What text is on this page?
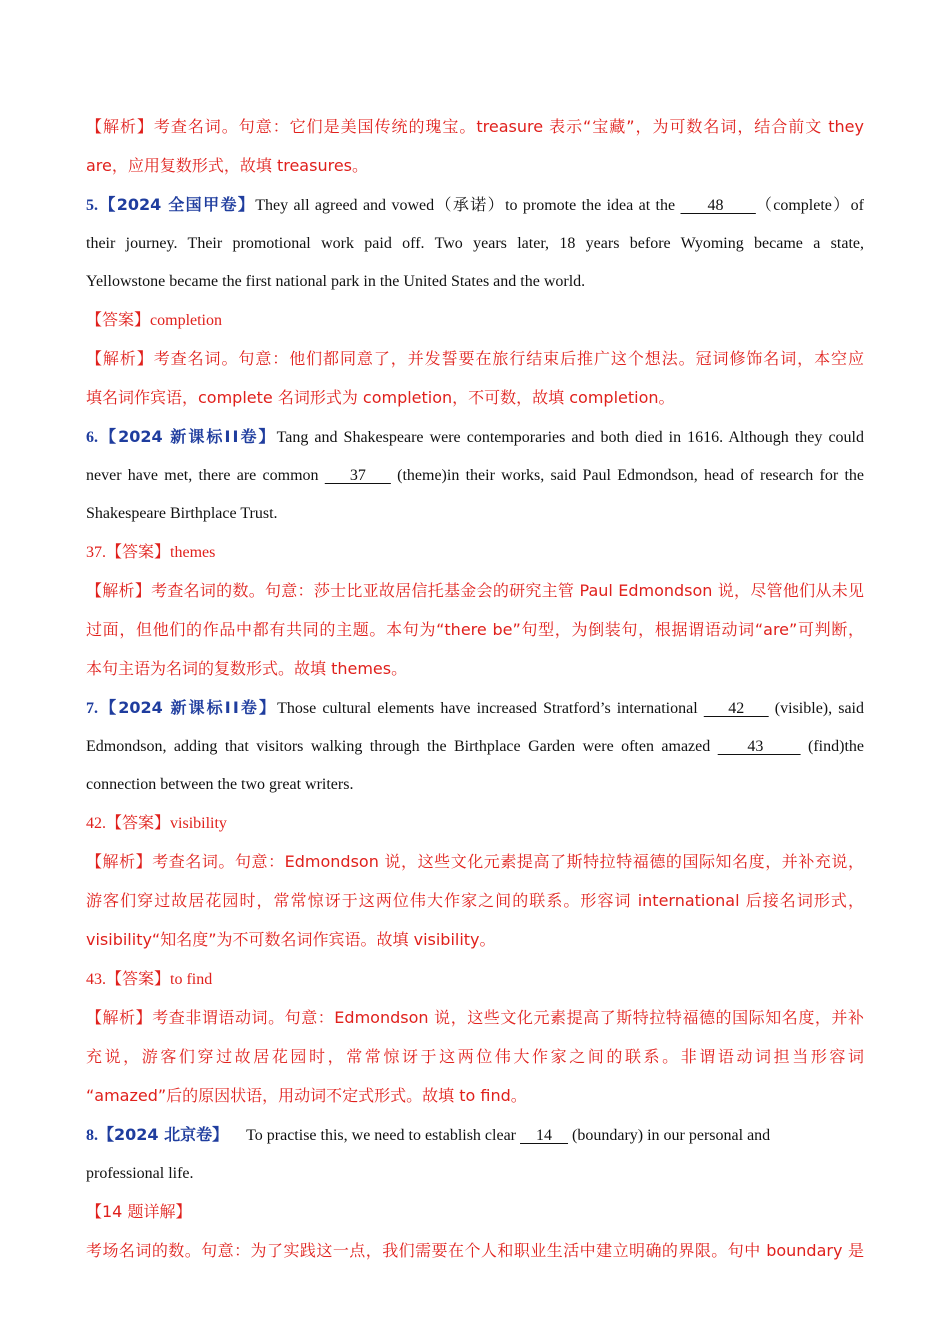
【解析】考查名词。句意：它们是美国传统的瑰宝。treasure 表示“宝藏”，为可数名词，结合前文 they
are，应用复数形式，故填 treasures。
5.【2024 全国甲卷】They all agreed and vowed（承诺）to promote the idea at the      48      （complete）of
their journey. Their promotional work paid off. Two years later, 18 years before Wyoming became a state,
Yellowstone became the first national park in the United States and the world.
【答案】completion
【解析】考查名词。句意：他们都同意了，并发誓要在旅行结束后推广这个想法。冠词修饰名词，本空应
填名词作宾语，complete 名词形式为 completion，不可数，故填 completion。
6.【2024 新课标ⅠⅠ卷】Tang and Shakespeare were contemporaries and both died in 1616. Although they could
never have met, there are common     37     (theme)in their works, said Paul Edmondson, head of research for the
Shakespeare Birthplace Trust.
37.【答案】themes
【解析】考查名词的数。句意：莎士比亚故居信托基金会的研究主管 Paul Edmondson 说，尽管他们从未见
过面，但他们的作品中都有共同的主题。本句为“there be”句型，为倒装句，根据谓语动词“are”可判断，
本句主语为名词的复数形式。故填 themes。
7.【2024 新课标ⅠⅠ卷】Those cultural elements have increased Stratford’s international     42     (visible), said
Edmondson, adding that visitors walking through the Birthplace Garden were often amazed     43      (find)the
connection between the two great writers.
42.【答案】visibility
【解析】考查名词。句意：Edmondson 说，这些文化元素提高了斯特拉特福德的国际知名度，并补充说，
游客们穿过故居花园时，常常惊讶于这两位伟大作家之间的联系。形容词 international 后接名词形式，
visibility“知名度”为不可数名词作宾语。故填 visibility。
43.【答案】to find
【解析】考查非谓语动词。句意：Edmondson 说，这些文化元素提高了斯特拉特福德的国际知名度，并补
充说，游客们穿过故居花园时，常常惊讶于这两位伟大作家之间的联系。非谓语动词担当形容词
“amazed”后的原因状语，用动词不定式形式。故填 to find。
8.【2024 北京卷】 To practise this, we need to establish clear     14     (boundary) in our personal and
professional life.
【14 题详解】
考场名词的数。句意：为了实践这一点，我们需要在个人和职业生活中建立明确的界限。句中 boundary 是
